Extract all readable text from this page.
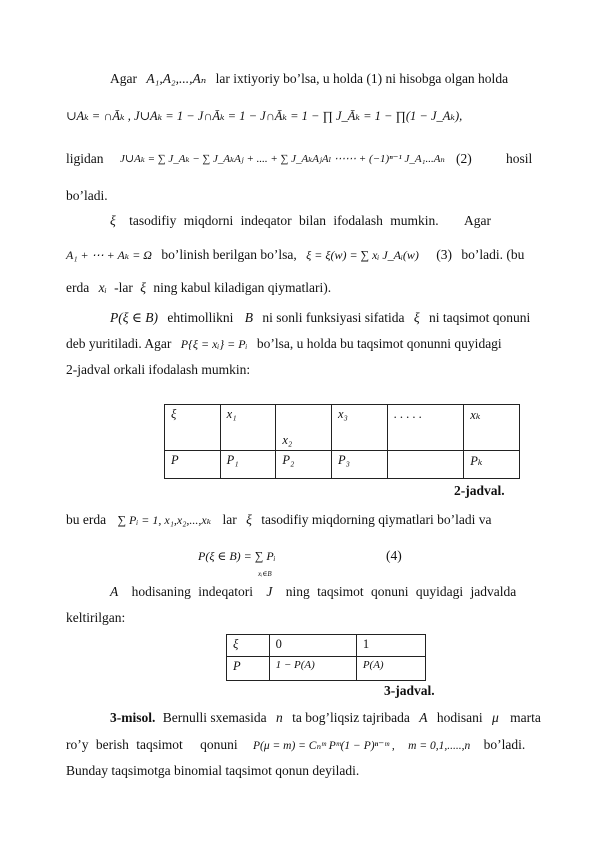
Agar A₁,A₂,...,Aₙ lar ixtiyoriy bo’lsa, u holda (1) ni hisobga olgan holda
∪Aₖ = ∩Āₖ , J∪Aₖ = 1 − J∩Āₖ = 1 − J∩Āₖ = 1 − ∏ J_Āₖ = 1 − ∏(1 − J_Aₖ),
ligidan J∪Aₖ = ∑ J_Aₖ − ∑ J_AₖAⱼ + .... + ∑ J_AₖAⱼAₗ ⋯⋯ + (−1)ⁿ⁻¹ J_A₁...Aₙ (2)	hosil
bo’ladi.
ξ tasodifiy miqdorni indeqator bilan ifodalash mumkin. Agar
A₁ + ⋯ + Aₖ = Ω bo’linish berilgan bo’lsa, ξ = ξ(w) = ∑ xᵢ J_Aᵢ(w) (3) bo’ladi. (bu
erda xᵢ -lar ξ ning kabul kiladigan qiymatlari).
P(ξ ∈ B) ehtimollikni B ni sonli funksiyasi sifatida ξ ni taqsimot qonuni
deb yuritiladi. Agar P{ξ = xᵢ} = Pᵢ bo’lsa, u holda bu taqsimot qonunni quyidagi
2-jadval orkali ifodalash mumkin:
ξ	x₁	x₂	x₃	. . . . .	xₖ
P	P₁	P₂	P₃		Pₖ
2-jadval.
bu erda ∑ Pᵢ = 1, x₁,x₂,...,xₖ lar ξ tasodifiy miqdorning qiymatlari bo’ladi va
P(ξ ∈ B) = ∑ Pᵢ
xᵢ∈B
(4)
A hodisaning indeqatori J ning taqsimot qonuni quyidagi jadvalda
keltirilgan:
ξ	0	1
P	1 − P(A)	P(A)
3-jadval.
3-misol. Bernulli sxemasida n ta bog’liqsiz tajribada A hodisani μ marta
ro’y berish taqsimot qonuni P(μ = m) = Cₙᵐ Pᵐ(1 − P)ⁿ⁻ᵐ , m = 0,1,.....,n bo’ladi.
Bunday taqsimotga binomial taqsimot qonun deyiladi.
